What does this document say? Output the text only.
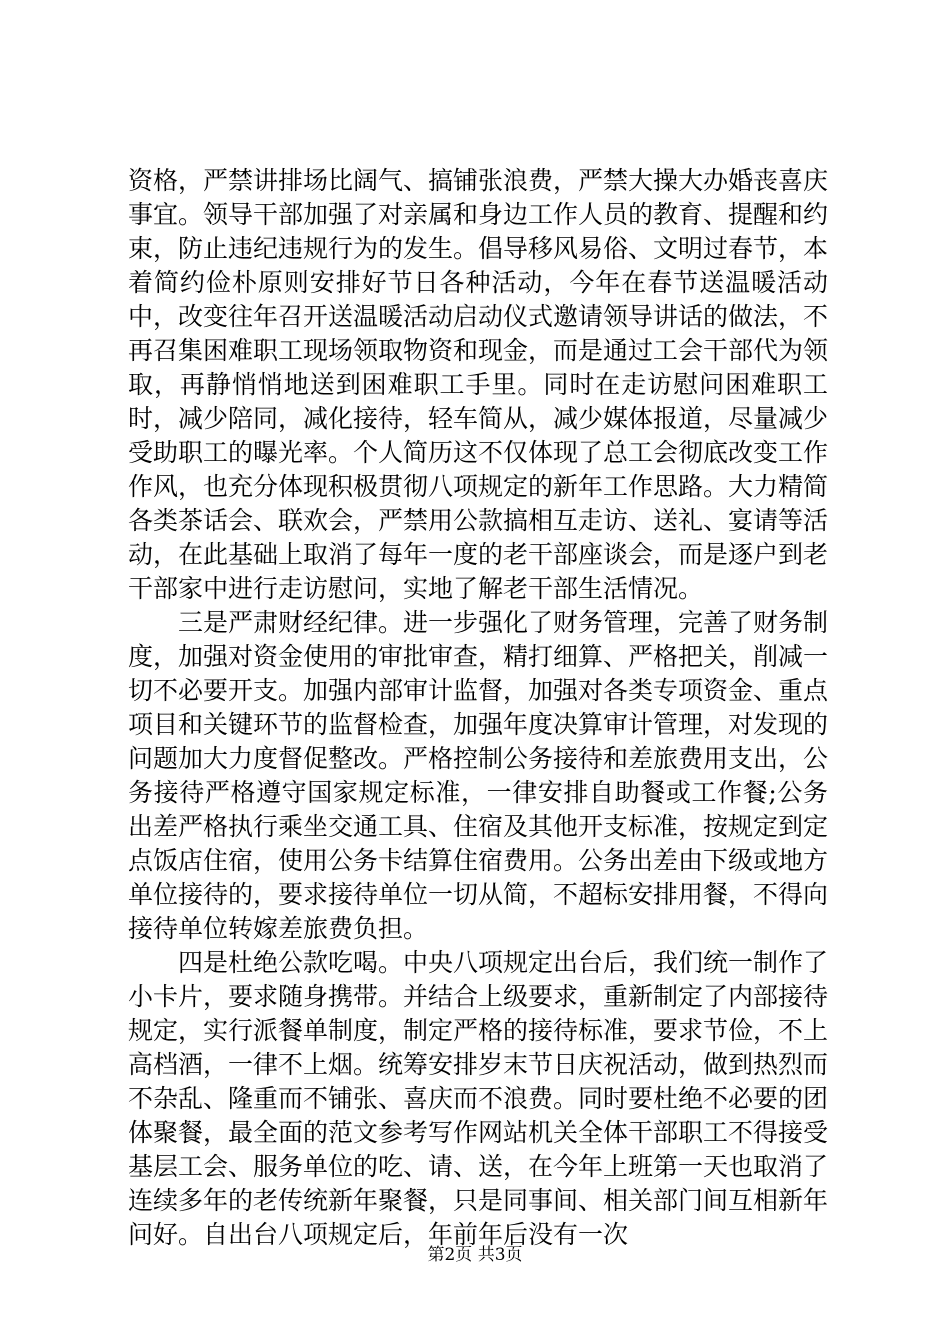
资格，严禁讲排场比阔气、搞铺张浪费，严禁大操大办婚丧喜庆事宜。领导干部加强了对亲属和身边工作人员的教育、提醒和约束，防止违纪违规行为的发生。倡导移风易俗、文明过春节，本着简约俭朴原则安排好节日各种活动，今年在春节送温暖活动中，改变往年召开送温暖活动启动仪式邀请领导讲话的做法，不再召集困难职工现场领取物资和现金，而是通过工会干部代为领取，再静悄悄地送到困难职工手里。同时在走访慰问困难职工时，减少陪同，减化接待，轻车简从，减少媒体报道，尽量减少受助职工的曝光率。个人简历这不仅体现了总工会彻底改变工作作风，也充分体现积极贯彻八项规定的新年工作思路。大力精简各类茶话会、联欢会，严禁用公款搞相互走访、送礼、宴请等活动，在此基础上取消了每年一度的老干部座谈会，而是逐户到老干部家中进行走访慰问，实地了解老干部生活情况。

三是严肃财经纪律。进一步强化了财务管理，完善了财务制度，加强对资金使用的审批审查，精打细算、严格把关，削减一切不必要开支。加强内部审计监督，加强对各类专项资金、重点项目和关键环节的监督检查，加强年度决算审计管理，对发现的问题加大力度督促整改。严格控制公务接待和差旅费用支出，公务接待严格遵守国家规定标准，一律安排自助餐或工作餐;公务出差严格执行乘坐交通工具、住宿及其他开支标准，按规定到定点饭店住宿，使用公务卡结算住宿费用。公务出差由下级或地方单位接待的，要求接待单位一切从简，不超标安排用餐，不得向接待单位转嫁差旅费负担。

四是杜绝公款吃喝。中央八项规定出台后，我们统一制作了小卡片，要求随身携带。并结合上级要求，重新制定了内部接待规定，实行派餐单制度，制定严格的接待标准，要求节俭，不上高档酒，一律不上烟。统筹安排岁末节日庆祝活动，做到热烈而不杂乱、隆重而不铺张、喜庆而不浪费。同时要杜绝不必要的团体聚餐，最全面的范文参考写作网站机关全体干部职工不得接受基层工会、服务单位的吃、请、送，在今年上班第一天也取消了连续多年的老传统新年聚餐，只是同事间、相关部门间互相新年问好。自出台八项规定后，年前年后没有一次

第2页 共3页
